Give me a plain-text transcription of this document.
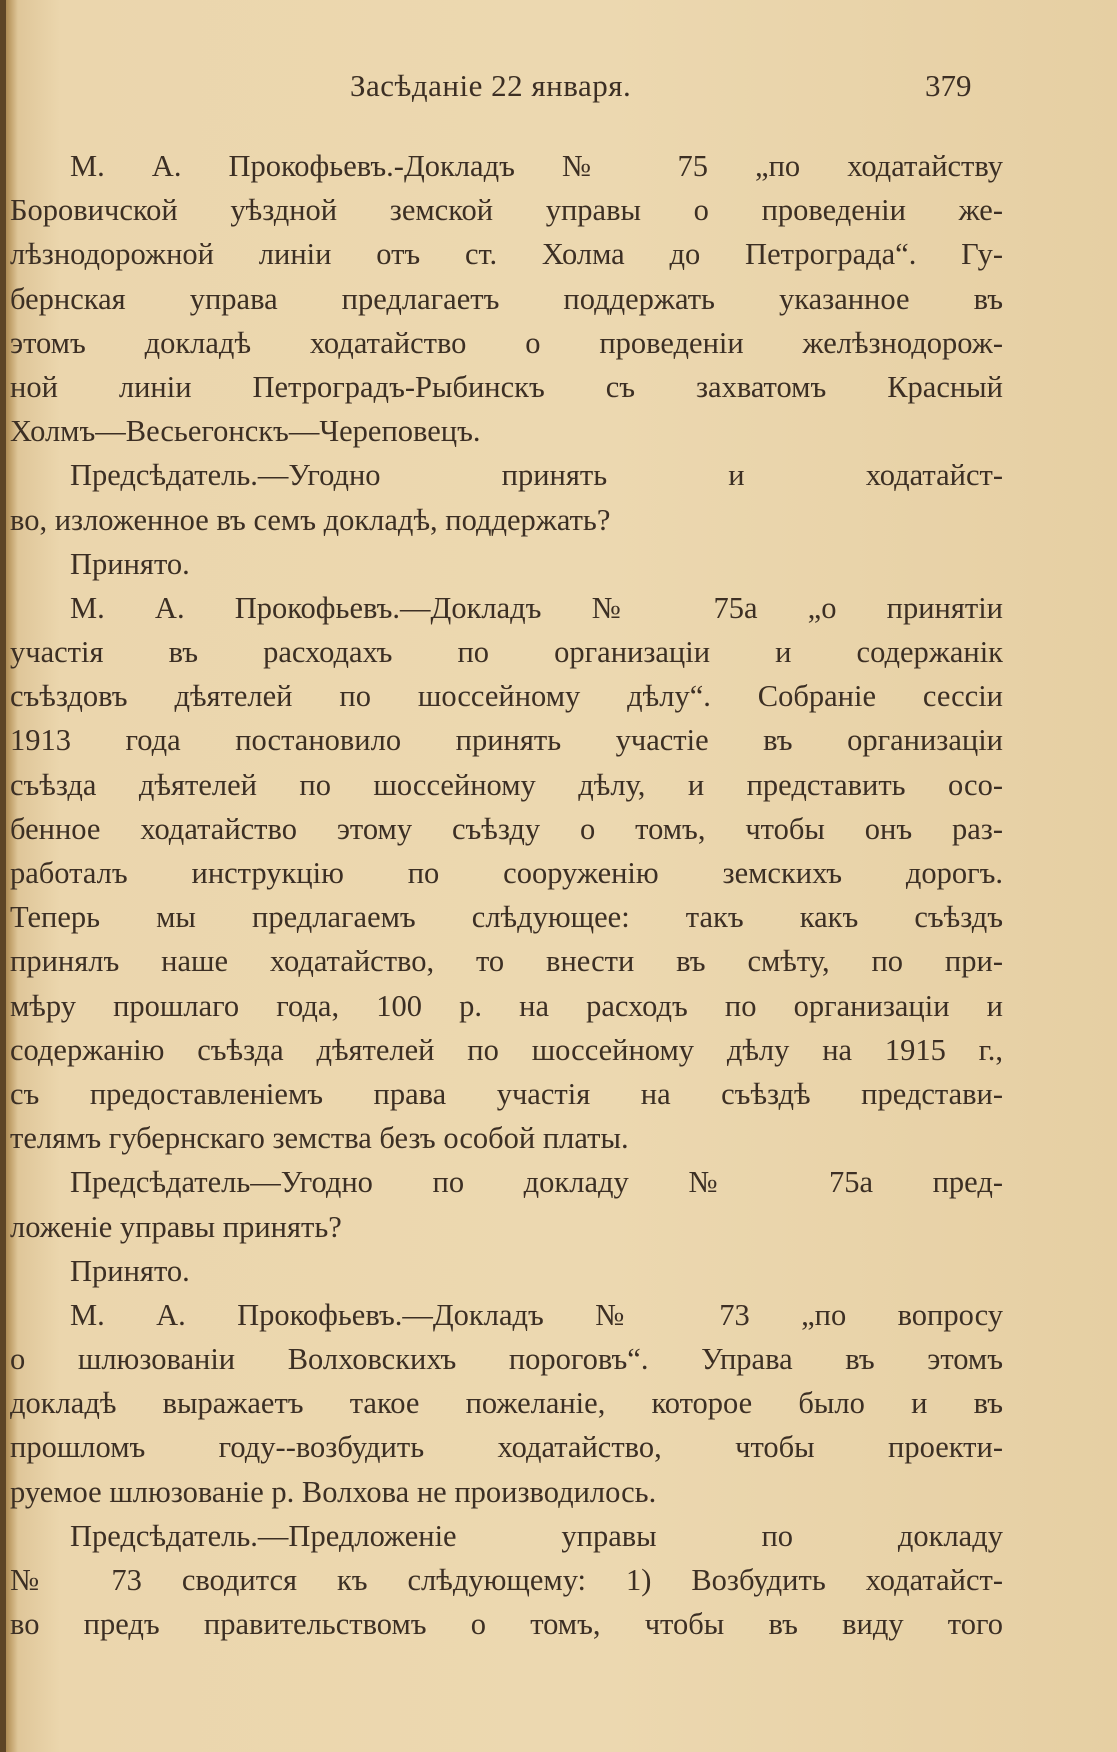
Засѣданіе 22 января.	379
М. А. Прокофьевъ.-Докладъ № 75 „по ходатайству
Боровичской уѣздной земской управы о проведеніи же-
лѣзнодорожной линіи отъ ст. Холма до Петрограда“. Гу-
бернская управа предлагаетъ поддержать указанное въ
этомъ докладѣ ходатайство о проведеніи желѣзнодорож-
ной линіи Петроградъ-Рыбинскъ съ захватомъ Красный
Холмъ—Весьегонскъ—Череповецъ.
Предсѣдатель.—Угодно принять и ходатайст-
во, изложенное въ семъ докладѣ, поддержать?
Принято.
М. А. Прокофьевъ.—Докладъ № 75а „о принятіи
участія въ расходахъ по организаціи и содержанік
съѣздовъ дѣятелей по шоссейному дѣлу“. Собраніе сессіи
1913 года постановило принять участіе въ организаціи
съѣзда дѣятелей по шоссейному дѣлу, и представить осо-
бенное ходатайство этому съѣзду о томъ, чтобы онъ раз-
работалъ инструкцію по сооруженію земскихъ дорогъ.
Теперь мы предлагаемъ слѣдующее: такъ какъ съѣздъ
принялъ наше ходатайство, то внести въ смѣту, по при-
мѣру прошлаго года, 100 р. на расходъ по организаціи и
содержанію съѣзда дѣятелей по шоссейному дѣлу на 1915 г.,
съ предоставленіемъ права участія на съѣздѣ представи-
телямъ губернскаго земства безъ особой платы.
Предсѣдатель—Угодно по докладу № 75а пред-
ложеніе управы принять?
Принято.
М. А. Прокофьевъ.—Докладъ № 73 „по вопросу
о шлюзованіи Волховскихъ пороговъ“. Управа въ этомъ
докладѣ выражаетъ такое пожеланіе, которое было и въ
прошломъ году--возбудить ходатайство, чтобы проекти-
руемое шлюзованіе р. Волхова не производилось.
Предсѣдатель.—Предложеніе управы по докладу
№ 73 сводится къ слѣдующему: 1) Возбудить ходатайст-
во предъ правительствомъ о томъ, чтобы въ виду того
